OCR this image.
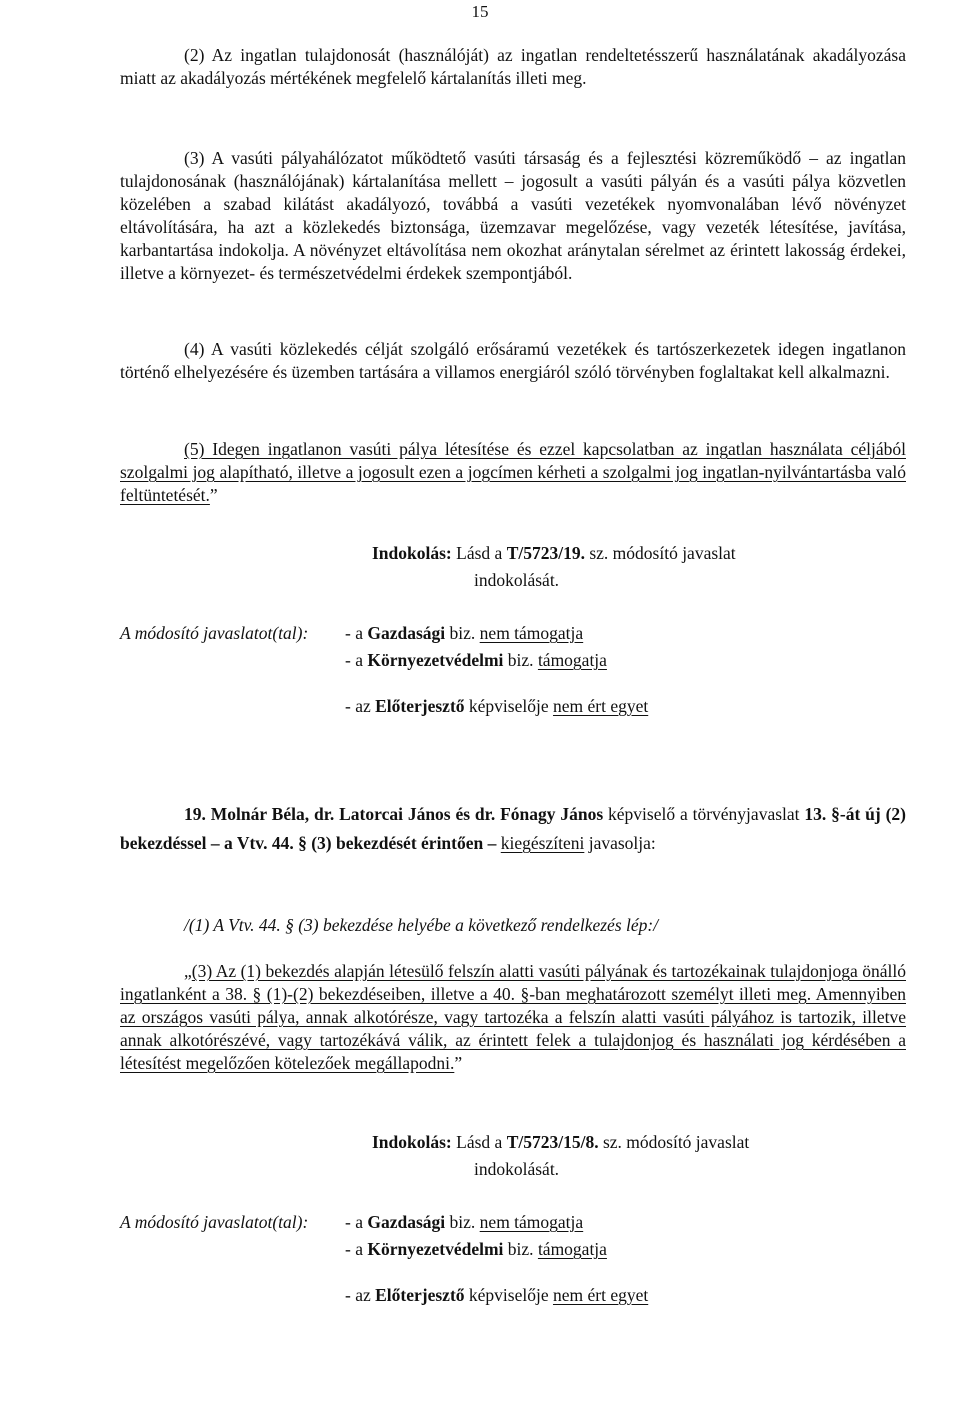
15

(2) Az ingatlan tulajdonosát (használóját) az ingatlan rendeltetésszerű használatának akadályozása miatt az akadályozás mértékének megfelelő kártalanítás illeti meg.

(3) A vasúti pályahálózatot működtető vasúti társaság és a fejlesztési közreműködő – az ingatlan tulajdonosának (használójának) kártalanítása mellett – jogosult a vasúti pályán és a vasúti pálya közvetlen közelében a szabad kilátást akadályozó, továbbá a vasúti vezetékek nyomvonalában lévő növényzet eltávolítására, ha azt a közlekedés biztonsága, üzemzavar megelőzése, vagy vezeték létesítése, javítása, karbantartása indokolja. A növényzet eltávolítása nem okozhat aránytalan sérelmet az érintett lakosság érdekei, illetve a környezet- és természetvédelmi érdekek szempontjából.

(4) A vasúti közlekedés célját szolgáló erősáramú vezetékek és tartószerkezetek idegen ingatlanon történő elhelyezésére és üzemben tartására a villamos energiáról szóló törvényben foglaltakat kell alkalmazni.

(5) Idegen ingatlanon vasúti pálya létesítése és ezzel kapcsolatban az ingatlan használata céljából szolgalmi jog alapítható, illetve a jogosult ezen a jogcímen kérheti a szolgalmi jog ingatlan-nyilvántartásba való feltüntetését.”

Indokolás: Lásd a T/5723/19. sz. módosító javaslat
indokolását.
A módosító javaslatot(tal): - a Gazdasági biz. nem támogatja
- a Környezetvédelmi biz. támogatja
- az Előterjesztő képviselője nem ért egyet

19. Molnár Béla, dr. Latorcai János és dr. Fónagy János képviselő a törvényjavaslat 13. §-át új (2) bekezdéssel – a Vtv. 44. § (3) bekezdését érintően – kiegészíteni javasolja:

/(1) A Vtv. 44. § (3) bekezdése helyébe a következő rendelkezés lép:/

„(3) Az (1) bekezdés alapján létesülő felszín alatti vasúti pályának és tartozékainak tulajdonjoga önálló ingatlanként a 38. § (1)-(2) bekezdéseiben, illetve a 40. §-ban meghatározott személyt illeti meg. Amennyiben az országos vasúti pálya, annak alkotórésze, vagy tartozéka a felszín alatti vasúti pályához is tartozik, illetve annak alkotórészévé, vagy tartozékává válik, az érintett felek a tulajdonjog és használati jog kérdésében a létesítést megelőzően kötelezőek megállapodni.”

Indokolás: Lásd a T/5723/15/8. sz. módosító javaslat
indokolását.
A módosító javaslatot(tal): - a Gazdasági biz. nem támogatja
- a Környezetvédelmi biz. támogatja
- az Előterjesztő képviselője nem ért egyet
